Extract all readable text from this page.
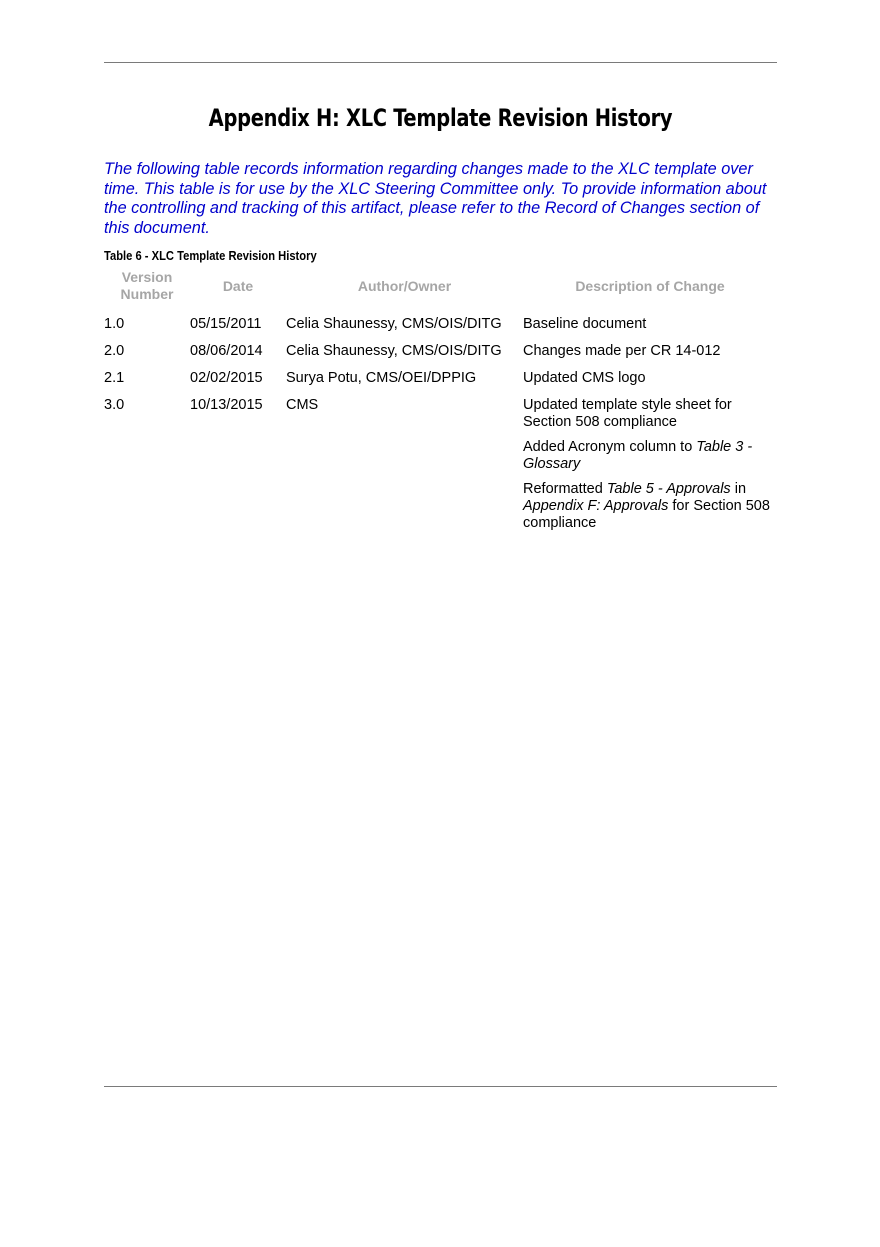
Appendix H: XLC Template Revision History

The following table records information regarding changes made to the XLC template over time. This table is for use by the XLC Steering Committee only. To provide information about the controlling and tracking of this artifact, please refer to the Record of Changes section of this document.

Table 6 - XLC Template Revision History
Version Number	Date	Author/Owner	Description of Change
1.0	05/15/2011	Celia Shaunessy, CMS/OIS/DITG	Baseline document
2.0	08/06/2014	Celia Shaunessy, CMS/OIS/DITG	Changes made per CR 14-012
2.1	02/02/2015	Surya Potu, CMS/OEI/DPPIG	Updated CMS logo
3.0	10/13/2015	CMS	Updated template style sheet for Section 508 compliance
Added Acronym column to Table 3 - Glossary
Reformatted Table 5 - Approvals in Appendix F: Approvals for Section 508 compliance
